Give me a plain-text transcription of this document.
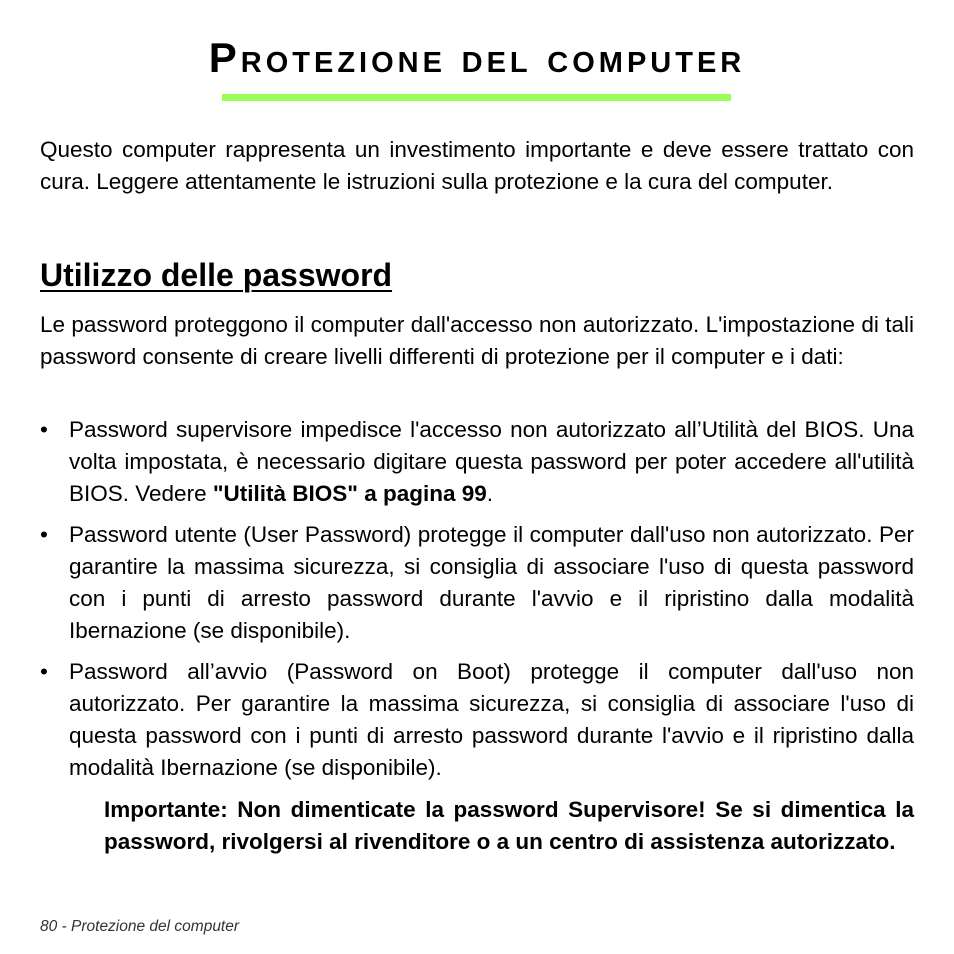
Protezione del computer

Questo computer rappresenta un investimento importante e deve essere trattato con cura. Leggere attentamente le istruzioni sulla protezione e la cura del computer.

Utilizzo delle password

Le password proteggono il computer dall'accesso non autorizzato. L'impostazione di tali password consente di creare livelli differenti di protezione per il computer e i dati:

• Password supervisore impedisce l'accesso non autorizzato all’Utilità del BIOS. Una volta impostata, è necessario digitare questa password per poter accedere all'utilità BIOS. Vedere "Utilità BIOS" a pagina 99.
• Password utente (User Password) protegge il computer dall'uso non autorizzato. Per garantire la massima sicurezza, si consiglia di associare l'uso di questa password con i punti di arresto password durante l'avvio e il ripristino dalla modalità Ibernazione (se disponibile).
• Password all’avvio (Password on Boot) protegge il computer dall'uso non autorizzato. Per garantire la massima sicurezza, si consiglia di associare l'uso di questa password con i punti di arresto password durante l'avvio e il ripristino dalla modalità Ibernazione (se disponibile).

Importante: Non dimenticate la password Supervisore! Se si dimentica la password, rivolgersi al rivenditore o a un centro di assistenza autorizzato.

80 - Protezione del computer
